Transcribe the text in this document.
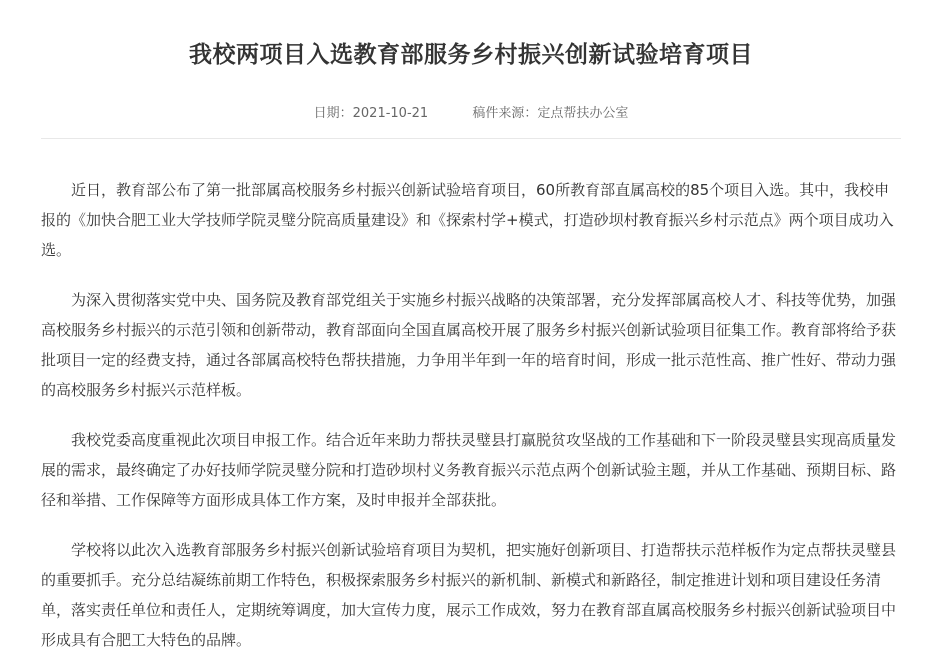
我校两项目入选教育部服务乡村振兴创新试验培育项目
日期：2021-10-21	稿件来源：定点帮扶办公室

近日，教育部公布了第一批部属高校服务乡村振兴创新试验培育项目，60所教育部直属高校的85个项目入选。其中，我校申报的《加快合肥工业大学技师学院灵璧分院高质量建设》和《探索村学+模式，打造砂坝村教育振兴乡村示范点》两个项目成功入选。

为深入贯彻落实党中央、国务院及教育部党组关于实施乡村振兴战略的决策部署，充分发挥部属高校人才、科技等优势，加强高校服务乡村振兴的示范引领和创新带动，教育部面向全国直属高校开展了服务乡村振兴创新试验项目征集工作。教育部将给予获批项目一定的经费支持，通过各部属高校特色帮扶措施，力争用半年到一年的培育时间，形成一批示范性高、推广性好、带动力强的高校服务乡村振兴示范样板。

我校党委高度重视此次项目申报工作。结合近年来助力帮扶灵璧县打赢脱贫攻坚战的工作基础和下一阶段灵璧县实现高质量发展的需求，最终确定了办好技师学院灵璧分院和打造砂坝村义务教育振兴示范点两个创新试验主题，并从工作基础、预期目标、路径和举措、工作保障等方面形成具体工作方案，及时申报并全部获批。

学校将以此次入选教育部服务乡村振兴创新试验培育项目为契机，把实施好创新项目、打造帮扶示范样板作为定点帮扶灵璧县的重要抓手。充分总结凝练前期工作特色，积极探索服务乡村振兴的新机制、新模式和新路径，制定推进计划和项目建设任务清单，落实责任单位和责任人，定期统筹调度，加大宣传力度，展示工作成效，努力在教育部直属高校服务乡村振兴创新试验项目中形成具有合肥工大特色的品牌。
